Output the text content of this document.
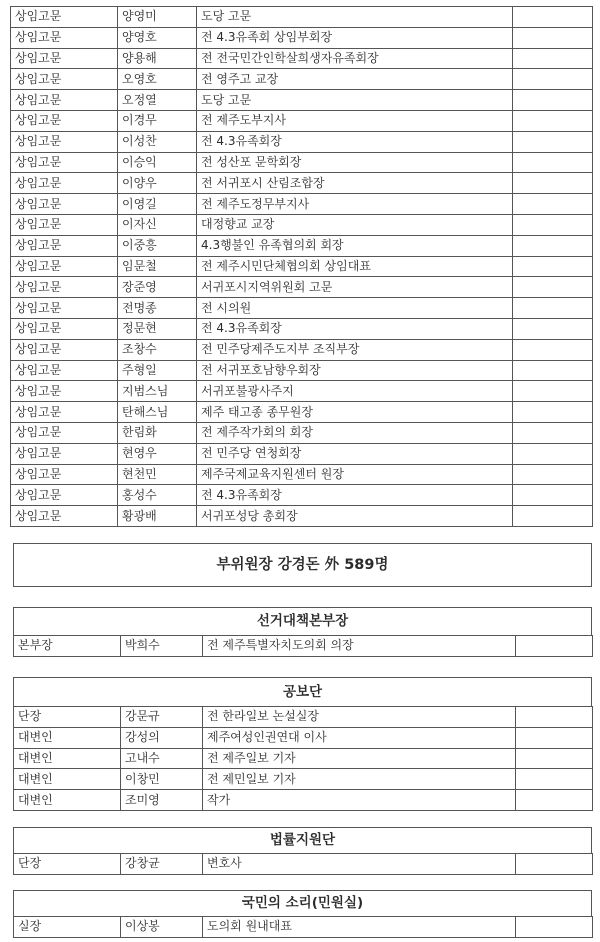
상임고문	양영미	도당 고문	
상임고문	양영호	전 4.3유족회 상임부회장	
상임고문	양용해	전 전국민간인학살희생자유족회장	
상임고문	오영호	전 영주고 교장	
상임고문	오정열	도당 고문	
상임고문	이경무	전 제주도부지사	
상임고문	이성찬	전 4.3유족회장	
상임고문	이승익	전 성산포 문학회장	
상임고문	이양우	전 서귀포시 산림조합장	
상임고문	이영길	전 제주도정무부지사	
상임고문	이자신	대정향교 교장	
상임고문	이중흥	4.3행불인 유족협의회 회장	
상임고문	임문철	전 제주시민단체협의회 상임대표	
상임고문	장준영	서귀포시지역위원회 고문	
상임고문	전명종	전 시의원	
상임고문	정문현	전 4.3유족회장	
상임고문	조창수	전 민주당제주도지부 조직부장	
상임고문	주형일	전 서귀포호남향우회장	
상임고문	지범스님	서귀포불광사주지	
상임고문	탄해스님	제주 태고종 종무원장	
상임고문	한림화	전 제주작가회의 회장	
상임고문	현영우	전 민주당 연청회장	
상임고문	현천민	제주국제교육지원센터 원장	
상임고문	홍성수	전 4.3유족회장	
상임고문	황광배	서귀포성당 총회장	
부위원장 강경돈 外 589명
선거대책본부장
본부장	박희수	전 제주특별자치도의회 의장	
공보단
단장	강문규	전 한라일보 논설실장	
대변인	강성의	제주여성인권연대 이사	
대변인	고내수	전 제주일보 기자	
대변인	이창민	전 제민일보 기자	
대변인	조미영	작가	
법률지원단
단장	강창균	변호사	
국민의 소리(민원실)
실장	이상봉	도의회 원내대표	
